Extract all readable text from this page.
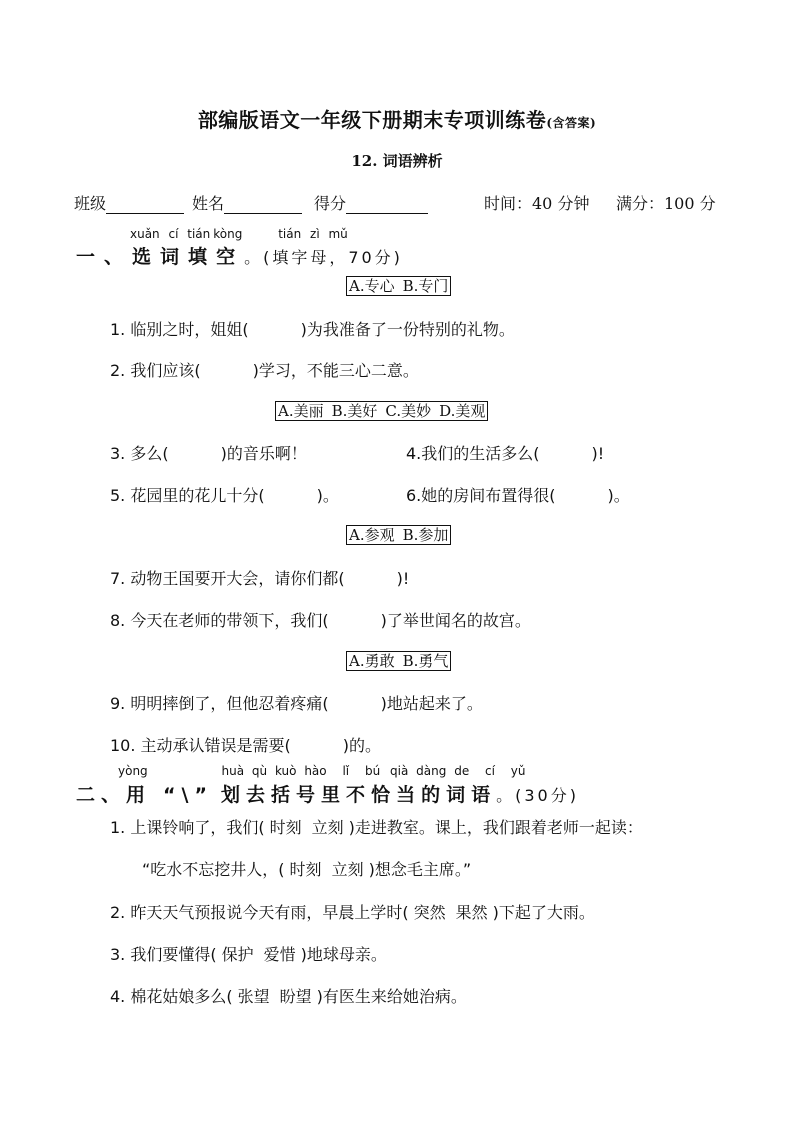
部编版语文一年级下册期末专项训练卷(含答案)
12. 词语辨析
班级	姓名	得分	时间：40 分钟 满分：100 分
xuǎn cí tián kòng	tián zì mǔ
一、选词填空。(填字母，70分)
A.专心 B.专门
1. 临别之时，姐姐(	)为我准备了一份特别的礼物。
2. 我们应该(	)学习，不能三心二意。
A.美丽 B.美好 C.美妙 D.美观
3. 多么(	)的音乐啊！	4.我们的生活多么(	)!
5. 花园里的花儿十分(	)。	6.她的房间布置得很(	)。
A.参观 B.参加
7. 动物王国要开大会，请你们都(	)!
8. 今天在老师的带领下，我们(	)了举世闻名的故宫。
A.勇敢 B.勇气
9. 明明摔倒了，但他忍着疼痛(	)地站起来了。
10. 主动承认错误是需要(	)的。
yòng	huà qù kuò hào lǐ bú qià dàng de cí yǔ
二、用 “\” 划去括号里不恰当的词语。(30分)
1. 上课铃响了，我们( 时刻 立刻 )走进教室。课上，我们跟着老师一起读：
“吃水不忘挖井人，( 时刻 立刻 )想念毛主席。”
2. 昨天天气预报说今天有雨，早晨上学时( 突然 果然 )下起了大雨。
3. 我们要懂得( 保护 爱惜 )地球母亲。
4. 棉花姑娘多么( 张望 盼望 )有医生来给她治病。
